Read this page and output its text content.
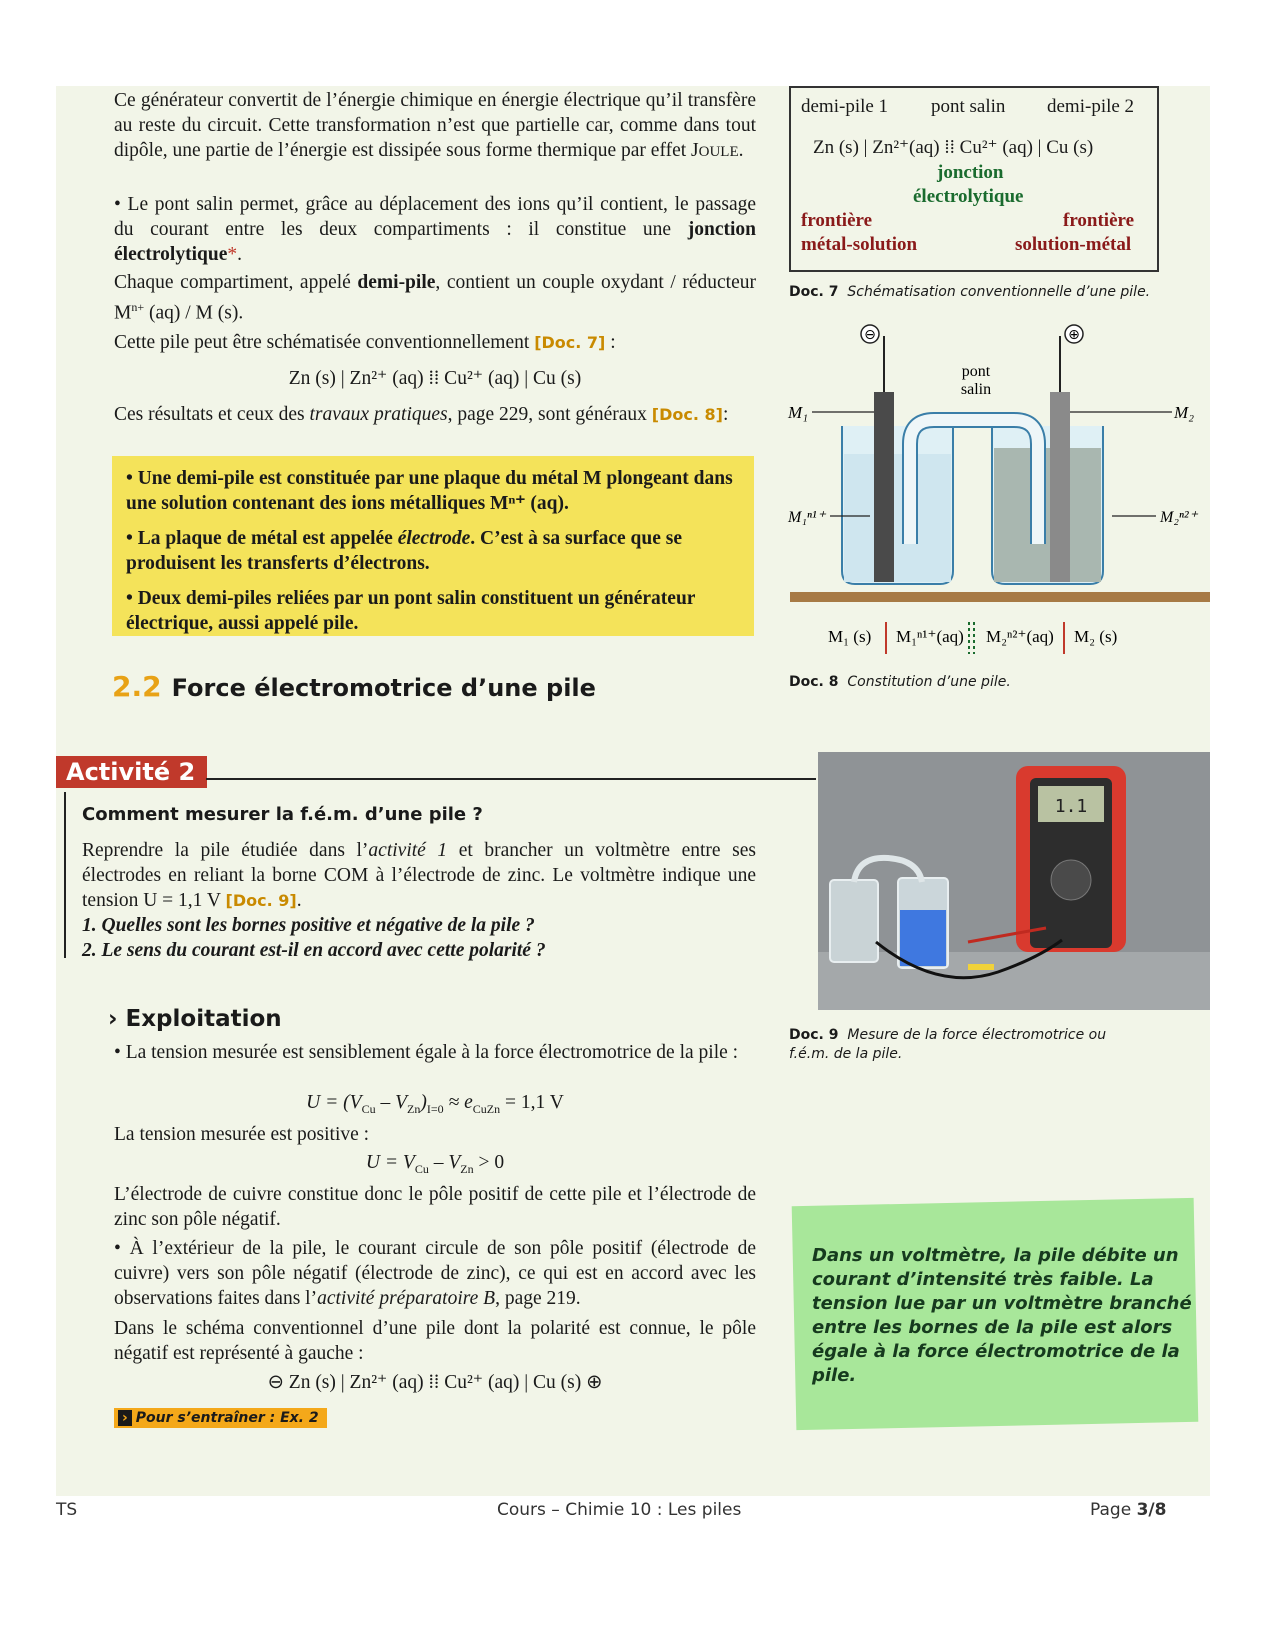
Ce générateur convertit de l’énergie chimique en énergie électrique qu’il transfère au reste du circuit. Cette transformation n’est que partielle car, comme dans tout dipôle, une partie de l’énergie est dissipée sous forme thermique par effet JOULE.

• Le pont salin permet, grâce au déplacement des ions qu’il contient, le passage du courant entre les deux compartiments : il constitue une jonction électrolytique*.

Chaque compartiment, appelé demi-pile, contient un couple oxydant / réducteur $M^{n+}$ (aq) / M (s).

Cette pile peut être schématisée conventionnellement [Doc. 7] :

Zn (s) | Zn²⁺ (aq) ⁞⁞ Cu²⁺ (aq) | Cu (s)

Ces résultats et ceux des travaux pratiques, page 229, sont généraux [Doc. 8]:

• Une demi-pile est constituée par une plaque du métal M plongeant dans une solution contenant des ions métalliques Mⁿ⁺ (aq).

• La plaque de métal est appelée électrode. C’est à sa surface que se produisent les transferts d’électrons.

• Deux demi-piles reliées par un pont salin constituent un générateur électrique, aussi appelé pile.

2.2 Force électromotrice d’une pile
Activité 2
Comment mesurer la f.é.m. d’une pile ?

Reprendre la pile étudiée dans l’activité 1 et brancher un voltmètre entre ses électrodes en reliant la borne COM à l’électrode de zinc. Le voltmètre indique une tension U = 1,1 V [Doc. 9].

1. Quelles sont les bornes positive et négative de la pile ?

2. Le sens du courant est-il en accord avec cette polarité ?

› Exploitation
• La tension mesurée est sensiblement égale à la force électromotrice de la pile :
$U = (V_{Cu} - V_{Zn})_{I=0} \approx e_{CuZn} = 1,1$ V
La tension mesurée est positive :
$U = V_{Cu} - V_{Zn} > 0$
L’électrode de cuivre constitue donc le pôle positif de cette pile et l’électrode de zinc son pôle négatif.
• À l’extérieur de la pile, le courant circule de son pôle positif (électrode de cuivre) vers son pôle négatif (électrode de zinc), ce qui est en accord avec les observations faites dans l’activité préparatoire B, page 219.
Dans le schéma conventionnel d’une pile dont la polarité est connue, le pôle négatif est représenté à gauche :
⊖ Zn (s) | Zn²⁺ (aq) ⁞⁞ Cu²⁺ (aq) | Cu (s) ⊕
› Pour s’entraîner : Ex. 2
demi-pile 1 pont salin demi-pile 2
Zn (s) | Zn²⁺(aq) ⁞⁞ Cu²⁺ (aq) | Cu (s)
jonction
électrolytique
frontière
métal-solution
frontière
solution-métal
Doc. 7 Schématisation conventionnelle d’une pile.
⊖	⊕
pont
salin
M₁	M₂
M₁ⁿ¹⁺	M₂ⁿ²⁺
M₁ (s) M₁ⁿ¹⁺(aq) M₂ⁿ²⁺(aq) M₂ (s)
Doc. 8 Constitution d’une pile.
1.1
Doc. 9 Mesure de la force électromotrice ou f.é.m. de la pile.
Dans un voltmètre, la pile débite un courant d’intensité très faible. La tension lue par un voltmètre branché entre les bornes de la pile est alors égale à la force électromotrice de la pile.
TS	Cours – Chimie 10 : Les piles	Page 3/8
